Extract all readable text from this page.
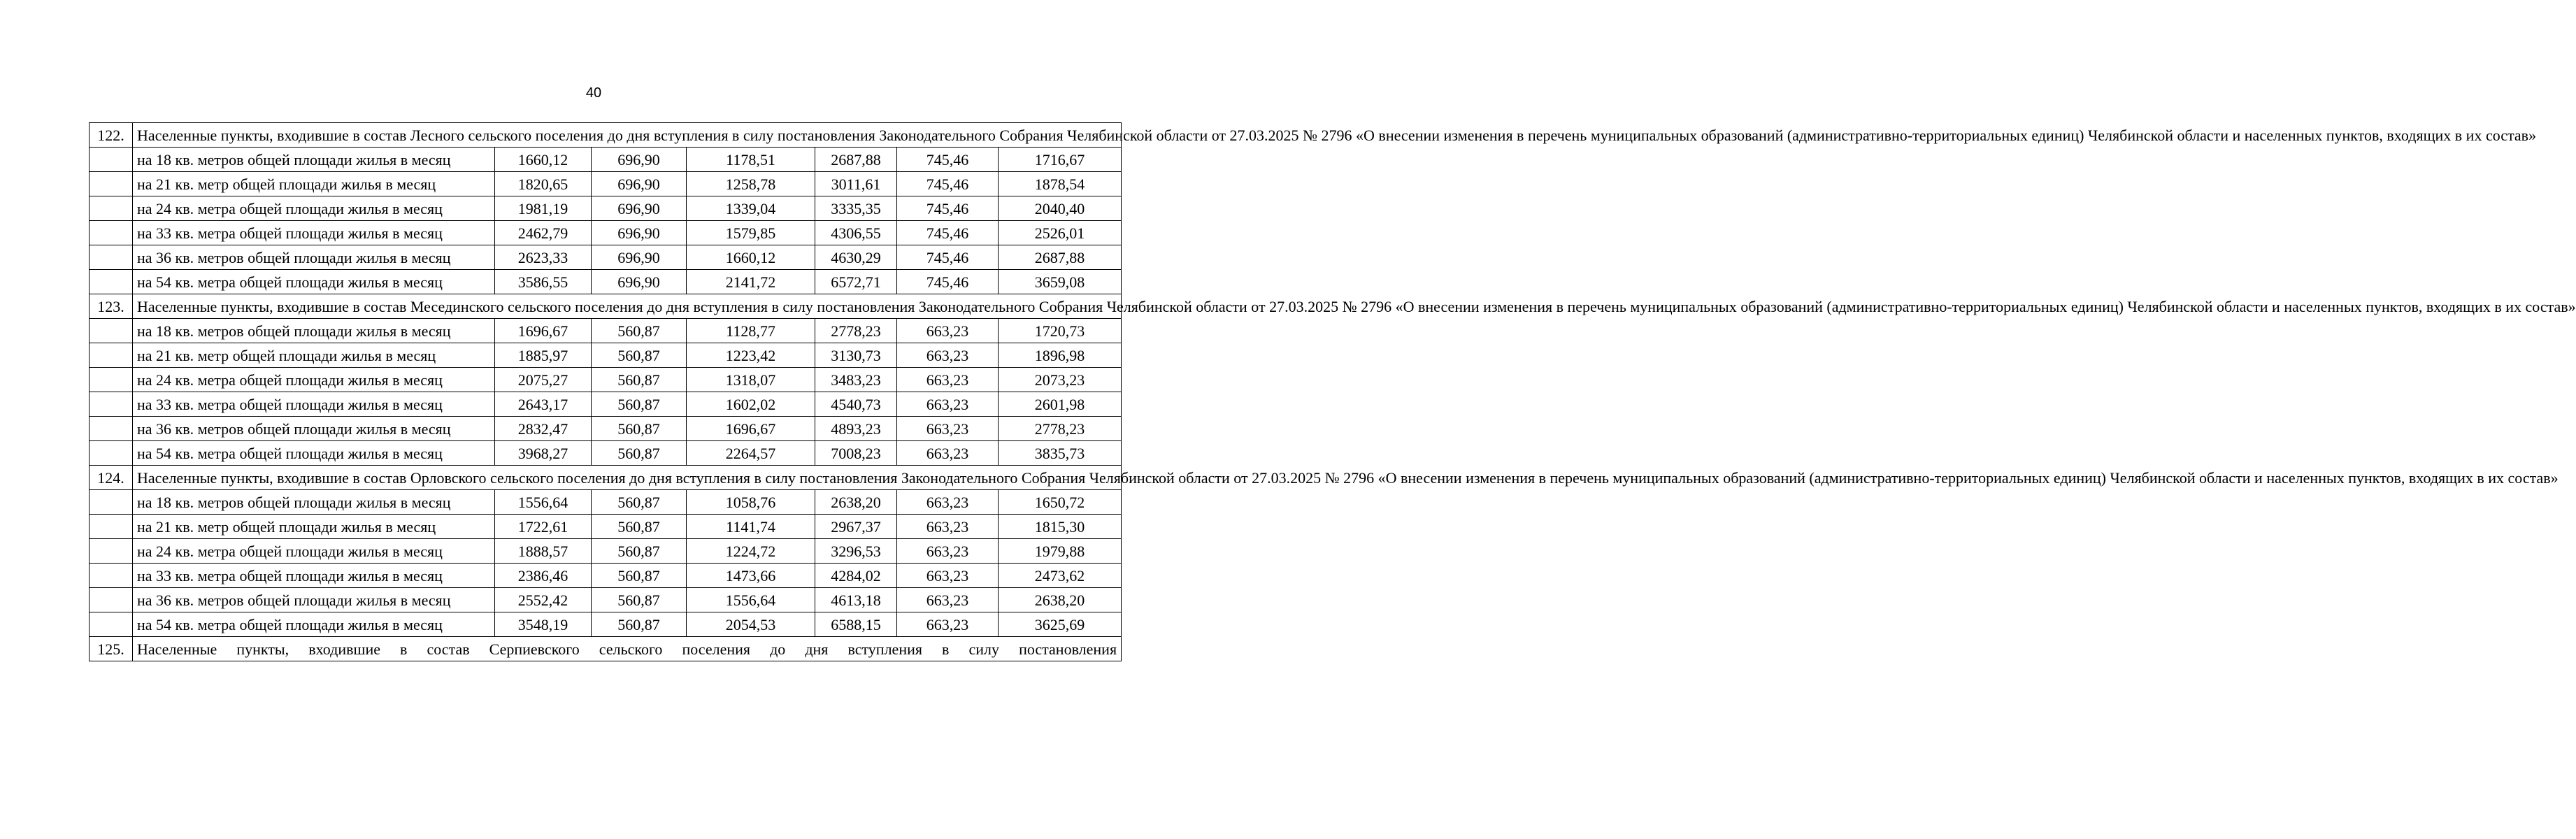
40
122.	Населенные пункты, входившие в состав Лесного сельского поселения до дня вступления в силу постановления Законодательного Собрания Челябинской области от 27.03.2025 № 2796 «О внесении изменения в перечень муниципальных образований (административно-территориальных единиц) Челябинской области и населенных пунктов, входящих в их состав»						
	на 18 кв. метров общей площади жилья в месяц	1660,12	696,90	1178,51	2687,88	745,46	1716,67
	на 21 кв. метр общей площади жилья в месяц	1820,65	696,90	1258,78	3011,61	745,46	1878,54
	на 24 кв. метра общей площади жилья в месяц	1981,19	696,90	1339,04	3335,35	745,46	2040,40
	на 33 кв. метра общей площади жилья в месяц	2462,79	696,90	1579,85	4306,55	745,46	2526,01
	на 36 кв. метров общей площади жилья в месяц	2623,33	696,90	1660,12	4630,29	745,46	2687,88
	на 54 кв. метра общей площади жилья в месяц	3586,55	696,90	2141,72	6572,71	745,46	3659,08
123.	Населенные пункты, входившие в состав Месединского сельского поселения до дня вступления в силу постановления Законодательного Собрания Челябинской области от 27.03.2025 № 2796 «О внесении изменения в перечень муниципальных образований (административно-территориальных единиц) Челябинской области и населенных пунктов, входящих в их состав»						
	на 18 кв. метров общей площади жилья в месяц	1696,67	560,87	1128,77	2778,23	663,23	1720,73
	на 21 кв. метр общей площади жилья в месяц	1885,97	560,87	1223,42	3130,73	663,23	1896,98
	на 24 кв. метра общей площади жилья в месяц	2075,27	560,87	1318,07	3483,23	663,23	2073,23
	на 33 кв. метра общей площади жилья в месяц	2643,17	560,87	1602,02	4540,73	663,23	2601,98
	на 36 кв. метров общей площади жилья в месяц	2832,47	560,87	1696,67	4893,23	663,23	2778,23
	на 54 кв. метра общей площади жилья в месяц	3968,27	560,87	2264,57	7008,23	663,23	3835,73
124.	Населенные пункты, входившие в состав Орловского сельского поселения до дня вступления в силу постановления Законодательного Собрания Челябинской области от 27.03.2025 № 2796 «О внесении изменения в перечень муниципальных образований (административно-территориальных единиц) Челябинской области и населенных пунктов, входящих в их состав»						
	на 18 кв. метров общей площади жилья в месяц	1556,64	560,87	1058,76	2638,20	663,23	1650,72
	на 21 кв. метр общей площади жилья в месяц	1722,61	560,87	1141,74	2967,37	663,23	1815,30
	на 24 кв. метра общей площади жилья в месяц	1888,57	560,87	1224,72	3296,53	663,23	1979,88
	на 33 кв. метра общей площади жилья в месяц	2386,46	560,87	1473,66	4284,02	663,23	2473,62
	на 36 кв. метров общей площади жилья в месяц	2552,42	560,87	1556,64	4613,18	663,23	2638,20
	на 54 кв. метра общей площади жилья в месяц	3548,19	560,87	2054,53	6588,15	663,23	3625,69
125.	Населенные пункты, входившие в состав Серпиевского сельского поселения до дня вступления в силу постановления						
